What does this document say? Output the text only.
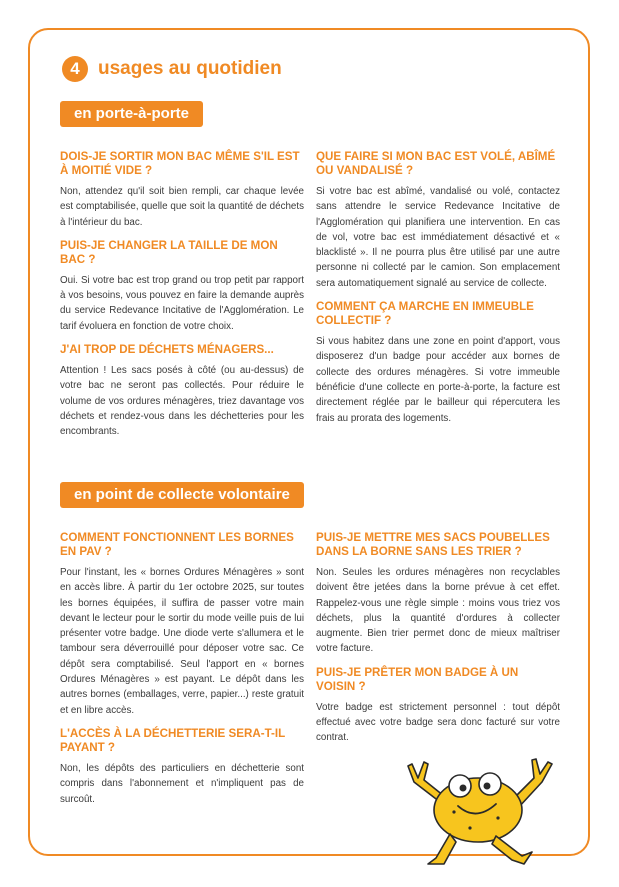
4 usages au quotidien
en porte-à-porte
DOIS-JE SORTIR MON BAC MÊME S'IL EST À MOITIÉ VIDE ?
Non, attendez qu'il soit bien rempli, car chaque levée est comptabilisée, quelle que soit la quantité de déchets à l'intérieur du bac.
PUIS-JE CHANGER LA TAILLE DE MON BAC ?
Oui. Si votre bac est trop grand ou trop petit par rapport à vos besoins, vous pouvez en faire la demande auprès du service Redevance Incitative de l'Agglomération. Le tarif évoluera en fonction de votre choix.
J'AI TROP DE DÉCHETS MÉNAGERS...
Attention ! Les sacs posés à côté (ou au-dessus) de votre bac ne seront pas collectés. Pour réduire le volume de vos ordures ménagères, triez davantage vos déchets et rendez-vous dans les déchetteries pour les encombrants.
QUE FAIRE SI MON BAC EST VOLÉ, ABÎMÉ OU VANDALISÉ ?
Si votre bac est abîmé, vandalisé ou volé, contactez sans attendre le service Redevance Incitative de l'Agglomération qui planifiera une intervention. En cas de vol, votre bac est immédiatement désactivé et « blacklisté ». Il ne pourra plus être utilisé par une autre personne ni collecté par le camion. Son emplacement sera automatiquement signalé au service de collecte.
COMMENT ÇA MARCHE EN IMMEUBLE COLLECTIF ?
Si vous habitez dans une zone en point d'apport, vous disposerez d'un badge pour accéder aux bornes de collecte des ordures ménagères. Si votre immeuble bénéficie d'une collecte en porte-à-porte, la facture est directement réglée par le bailleur qui répercutera les frais au prorata des logements.
en point de collecte volontaire
COMMENT FONCTIONNENT LES BORNES EN PAV ?
Pour l'instant, les « bornes Ordures Ménagères » sont en accès libre. À partir du 1er octobre 2025, sur toutes les bornes équipées, il suffira de passer votre main devant le lecteur pour le sortir du mode veille puis de lui présenter votre badge. Une diode verte s'allumera et le tambour sera déverrouillé pour déposer votre sac. Ce dépôt sera comptabilisé. Seul l'apport en « bornes Ordures Ménagères » est payant. Le dépôt dans les autres bornes (emballages, verre, papier...) reste gratuit et en libre accès.
L'ACCÈS À LA DÉCHETTERIE SERA-T-IL PAYANT ?
Non, les dépôts des particuliers en déchetterie sont compris dans l'abonnement et n'impliquent pas de surcoût.
PUIS-JE METTRE MES SACS POUBELLES DANS LA BORNE SANS LES TRIER ?
Non. Seules les ordures ménagères non recyclables doivent être jetées dans la borne prévue à cet effet. Rappelez-vous une règle simple : moins vous triez vos déchets, plus la quantité d'ordures à collecter augmente. Bien trier permet donc de mieux maîtriser votre facture.
PUIS-JE PRÊTER MON BADGE À UN VOISIN ?
Votre badge est strictement personnel : tout dépôt effectué avec votre badge sera donc facturé sur votre contrat.
